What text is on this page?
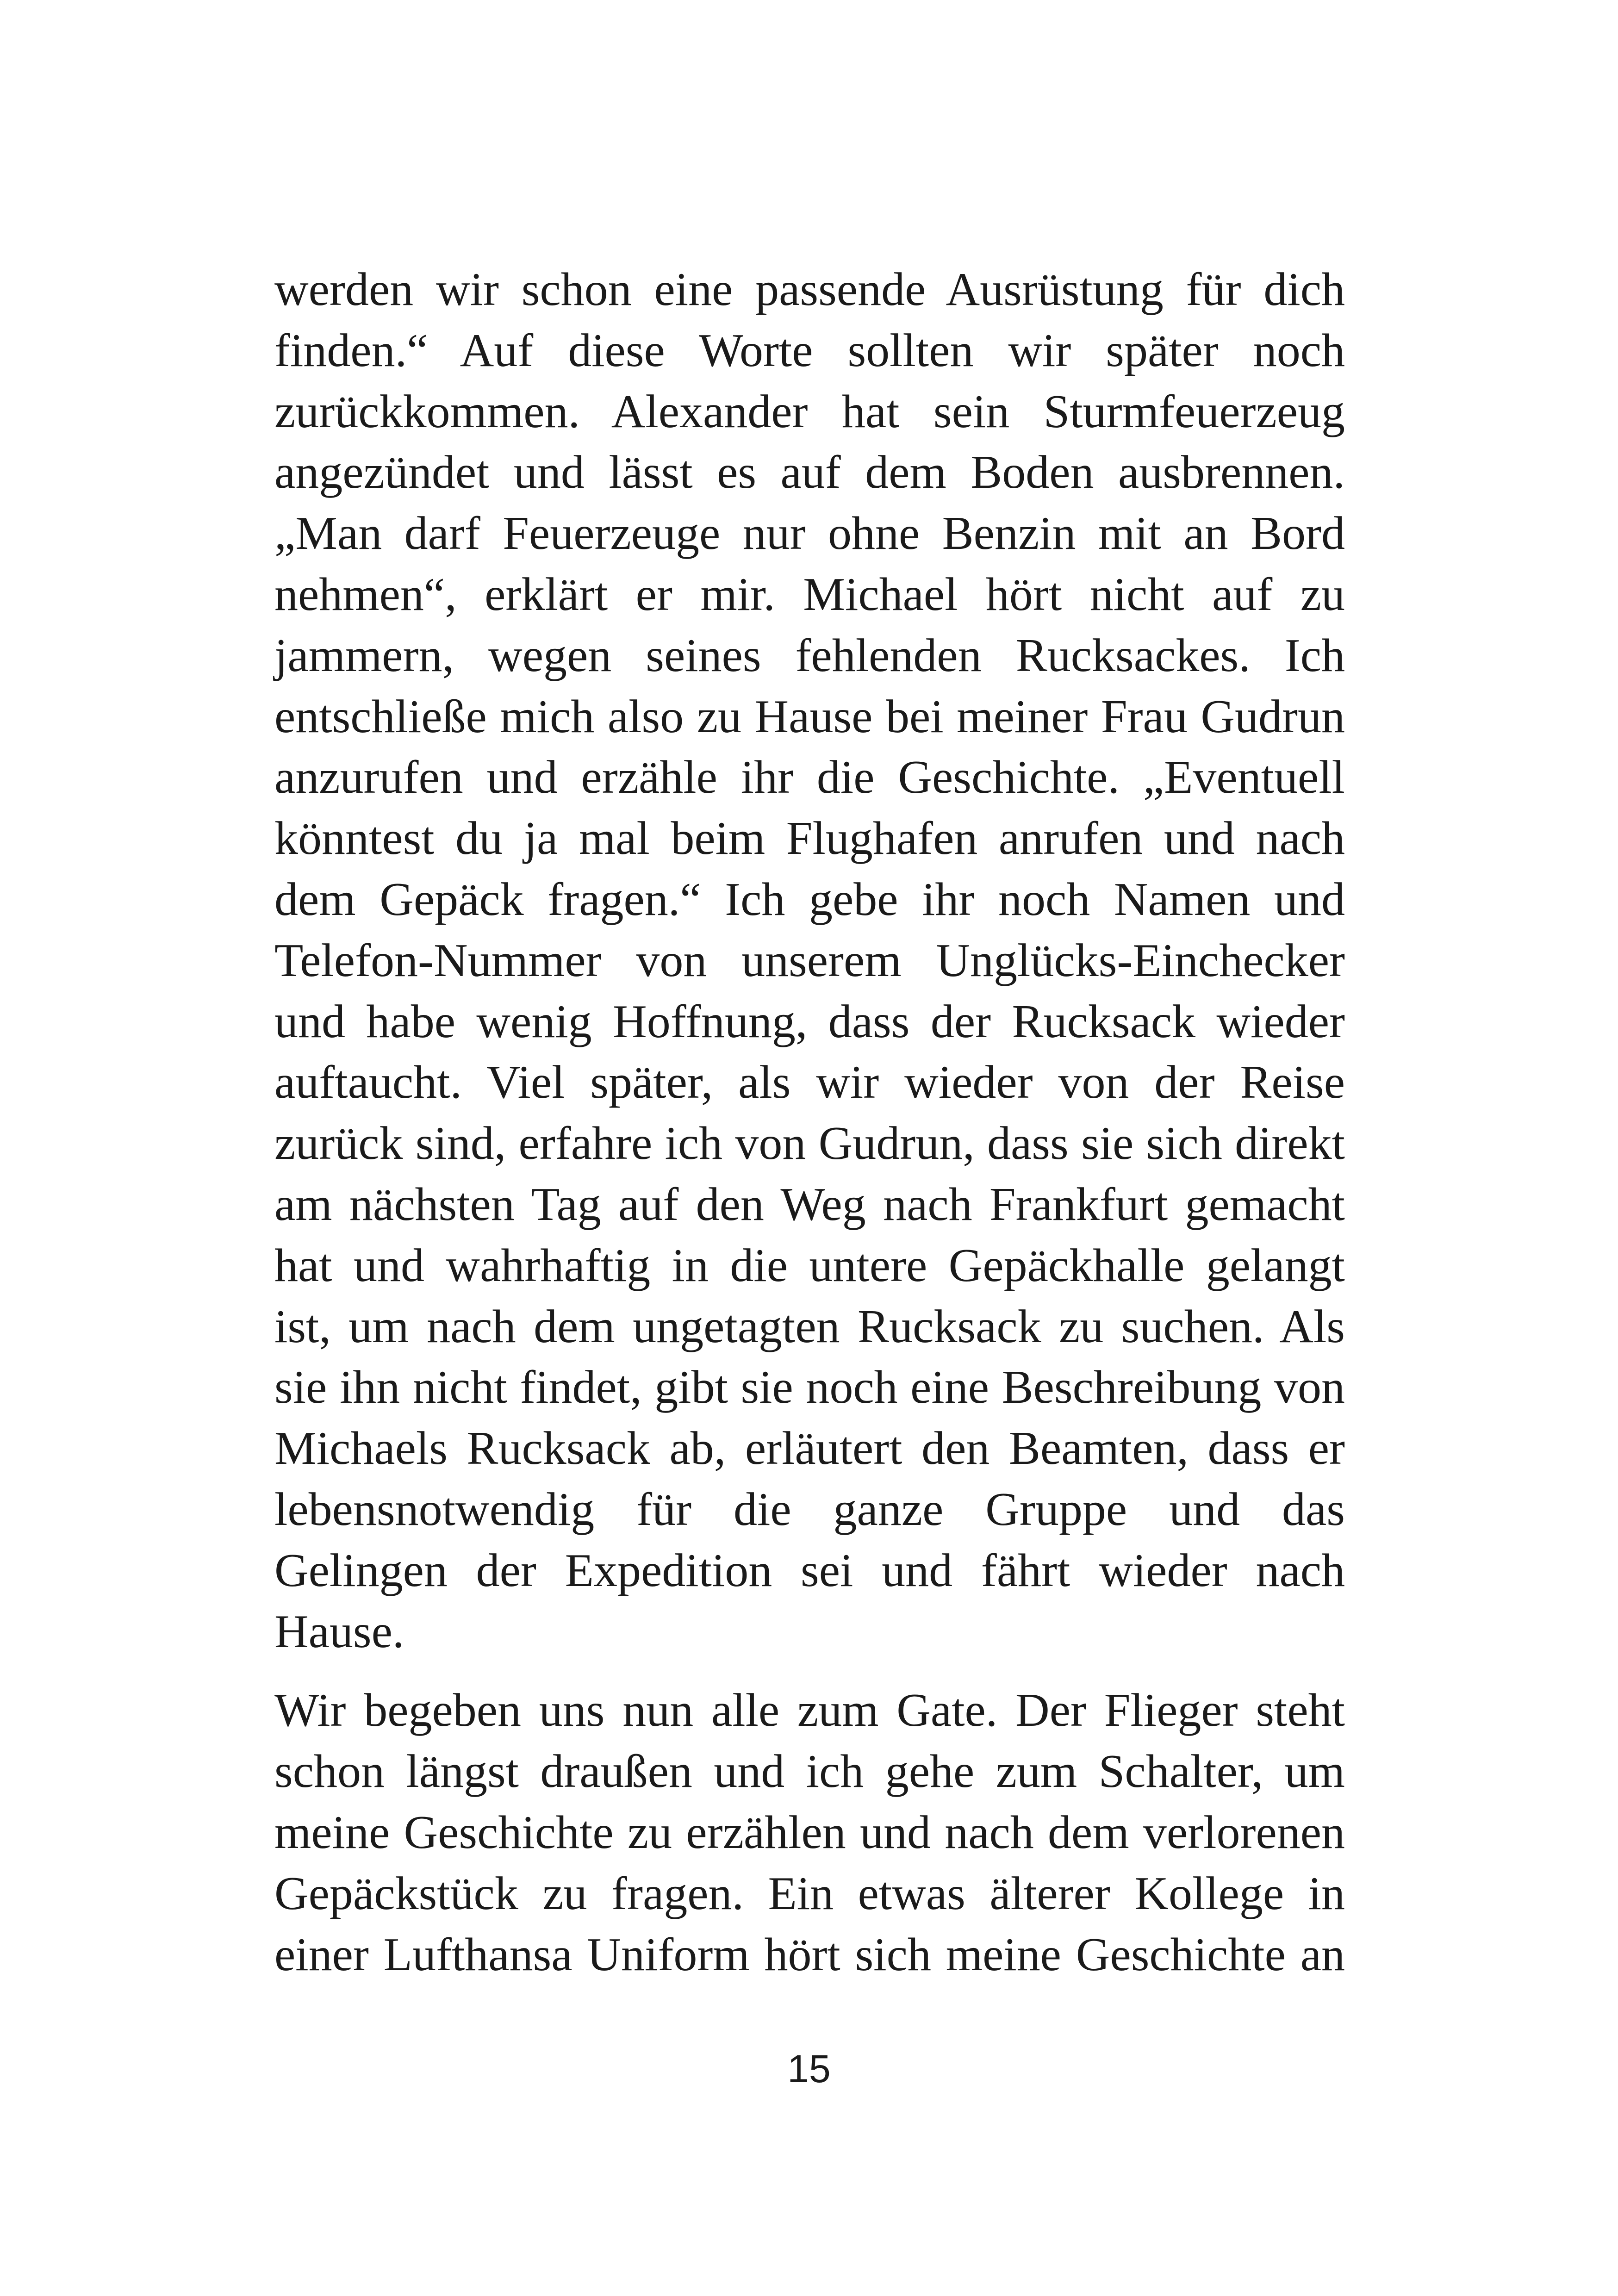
werden wir schon eine passende Ausrüstung für dich
finden.“ Auf diese Worte sollten wir später noch
zurückkommen. Alexander hat sein Sturmfeuerzeug
angezündet und lässt es auf dem Boden ausbrennen.
„Man darf Feuerzeuge nur ohne Benzin mit an Bord
nehmen“, erklärt er mir. Michael hört nicht auf zu
jammern, wegen seines fehlenden Rucksackes. Ich
entschließe mich also zu Hause bei meiner Frau Gudrun
anzurufen und erzähle ihr die Geschichte. „Eventuell
könntest du ja mal beim Flughafen anrufen und nach
dem Gepäck fragen.“ Ich gebe ihr noch Namen und
Telefon-Nummer von unserem Unglücks-Einchecker
und habe wenig Hoffnung, dass der Rucksack wieder
auftaucht. Viel später, als wir wieder von der Reise
zurück sind, erfahre ich von Gudrun, dass sie sich direkt
am nächsten Tag auf den Weg nach Frankfurt gemacht
hat und wahrhaftig in die untere Gepäckhalle gelangt
ist, um nach dem ungetagten Rucksack zu suchen. Als
sie ihn nicht findet, gibt sie noch eine Beschreibung von
Michaels Rucksack ab, erläutert den Beamten, dass er
lebensnotwendig für die ganze Gruppe und das
Gelingen der Expedition sei und fährt wieder nach
Hause.

Wir begeben uns nun alle zum Gate. Der Flieger steht
schon längst draußen und ich gehe zum Schalter, um
meine Geschichte zu erzählen und nach dem verlorenen
Gepäckstück zu fragen. Ein etwas älterer Kollege in
einer Lufthansa Uniform hört sich meine Geschichte an

15
